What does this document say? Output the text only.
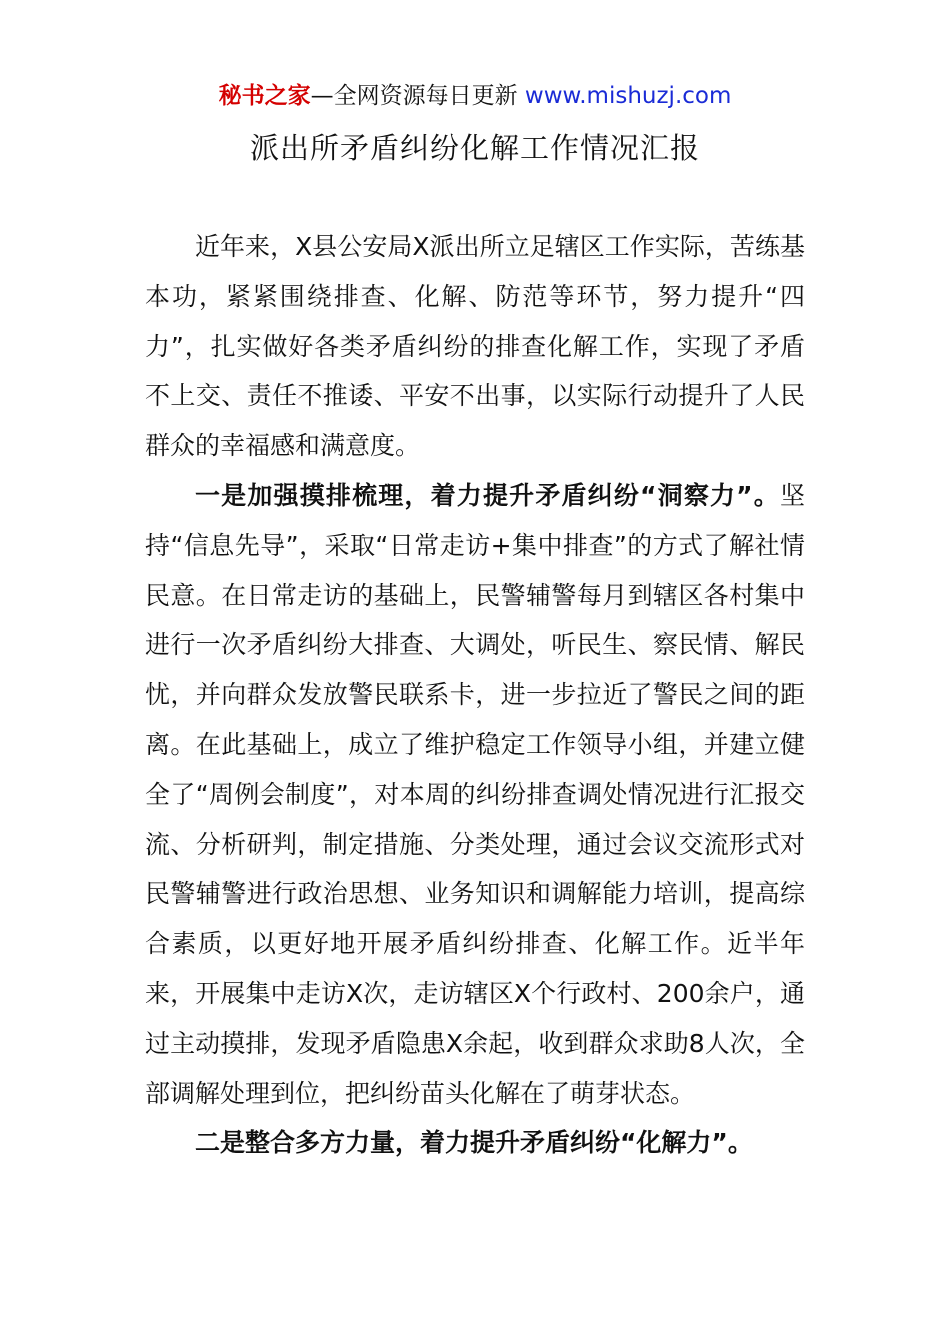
秘书之家—全网资源每日更新 www.mishuzj.com
派出所矛盾纠纷化解工作情况汇报

近年来，X县公安局X派出所立足辖区工作实际，苦练基本功，紧紧围绕排查、化解、防范等环节，努力提升“四力”，扎实做好各类矛盾纠纷的排查化解工作，实现了矛盾不上交、责任不推诿、平安不出事，以实际行动提升了人民群众的幸福感和满意度。

一是加强摸排梳理，着力提升矛盾纠纷“洞察力”。坚持“信息先导”，采取“日常走访+集中排查”的方式了解社情民意。在日常走访的基础上，民警辅警每月到辖区各村集中进行一次矛盾纠纷大排查、大调处，听民生、察民情、解民忧，并向群众发放警民联系卡，进一步拉近了警民之间的距离。在此基础上，成立了维护稳定工作领导小组，并建立健全了“周例会制度”，对本周的纠纷排查调处情况进行汇报交流、分析研判，制定措施、分类处理，通过会议交流形式对民警辅警进行政治思想、业务知识和调解能力培训，提高综合素质，以更好地开展矛盾纠纷排查、化解工作。近半年来，开展集中走访X次，走访辖区X个行政村、200余户，通过主动摸排，发现矛盾隐患X余起，收到群众求助8人次，全部调解处理到位，把纠纷苗头化解在了萌芽状态。

二是整合多方力量，着力提升矛盾纠纷“化解力”。
